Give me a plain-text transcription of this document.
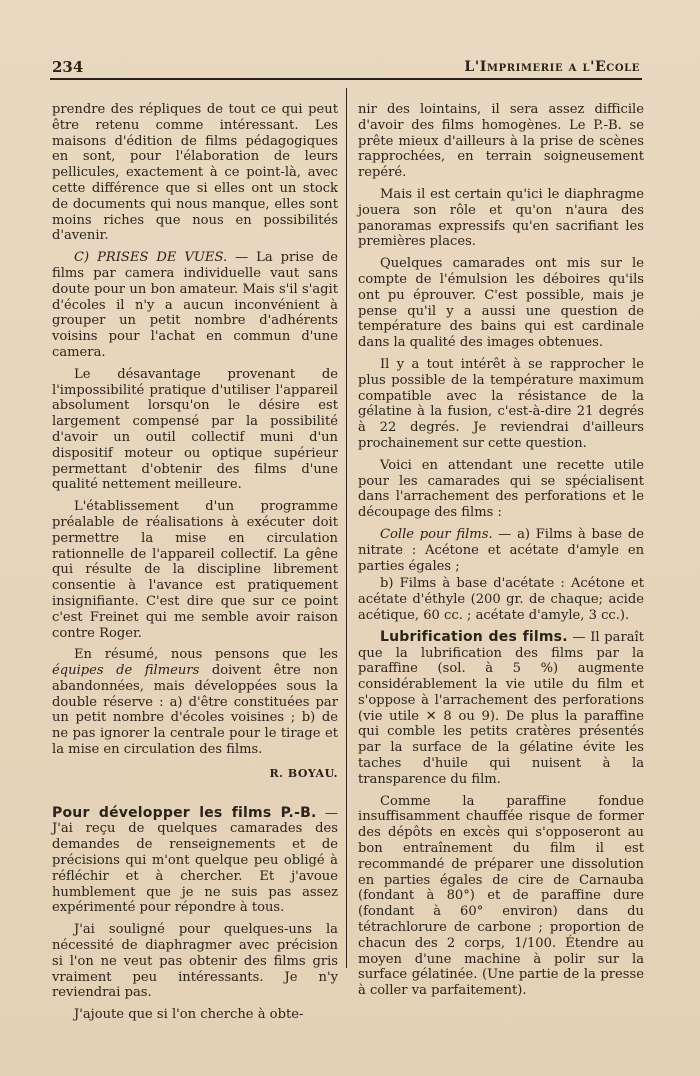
234	L'Imprimerie a l'Ecole

prendre des répliques de tout ce qui peut être retenu comme intéressant. Les maisons d'édition de films pédagogiques en sont, pour l'élaboration de leurs pellicules, exactement à ce point-là, avec cette différence que si elles ont un stock de documents qui nous manque, elles sont moins riches que nous en possibilités d'avenir.

C) PRISES DE VUES. — La prise de films par camera individuelle vaut sans doute pour un bon amateur. Mais s'il s'agit d'écoles il n'y a aucun inconvénient à grouper un petit nombre d'adhérents voisins pour l'achat en commun d'une camera.

Le désavantage provenant de l'impossibilité pratique d'utiliser l'appareil absolument lorsqu'on le désire est largement compensé par la possibilité d'avoir un outil collectif muni d'un dispositif moteur ou optique supérieur permettant d'obtenir des films d'une qualité nettement meilleure.

L'établissement d'un programme préalable de réalisations à exécuter doit permettre la mise en circulation rationnelle de l'appareil collectif. La gêne qui résulte de la discipline librement consentie à l'avance est pratiquement insignifiante. C'est dire que sur ce point c'est Freinet qui me semble avoir raison contre Roger.

En résumé, nous pensons que les équipes de filmeurs doivent être non abandonnées, mais développées sous la double réserve : a) d'être constituées par un petit nombre d'écoles voisines ; b) de ne pas ignorer la centrale pour le tirage et la mise en circulation des films.

R. BOYAU.

Pour développer les films P.-B. — J'ai reçu de quelques camarades des demandes de renseignements et de précisions qui m'ont quelque peu obligé à réfléchir et à chercher. Et j'avoue humblement que je ne suis pas assez expérimenté pour répondre à tous.

J'ai souligné pour quelques-uns la nécessité de diaphragmer avec précision si l'on ne veut pas obtenir des films gris vraiment peu intéressants. Je n'y reviendrai pas.

J'ajoute que si l'on cherche à obte-

nir des lointains, il sera assez difficile d'avoir des films homogènes. Le P.-B. se prête mieux d'ailleurs à la prise de scènes rapprochées, en terrain soigneusement repéré.

Mais il est certain qu'ici le diaphragme jouera son rôle et qu'on n'aura des panoramas expressifs qu'en sacrifiant les premières places.

Quelques camarades ont mis sur le compte de l'émulsion les déboires qu'ils ont pu éprouver. C'est possible, mais je pense qu'il y a aussi une question de température des bains qui est cardinale dans la qualité des images obtenues.

Il y a tout intérêt à se rapprocher le plus possible de la température maximum compatible avec la résistance de la gélatine à la fusion, c'est-à-dire 21 degrés à 22 degrés. Je reviendrai d'ailleurs prochainement sur cette question.

Voici en attendant une recette utile pour les camarades qui se spécialisent dans l'arrachement des perforations et le découpage des films :

Colle pour films. — a) Films à base de nitrate : Acétone et acétate d'amyle en parties égales ;

b) Films à base d'acétate : Acétone et acétate d'éthyle (200 gr. de chaque; acide acétique, 60 cc. ; acétate d'amyle, 3 cc.).

Lubrification des films. — Il paraît que la lubrification des films par la paraffine (sol. à 5 %) augmente considérablement la vie utile du film et s'oppose à l'arrachement des perforations (vie utile ✕ 8 ou 9). De plus la paraffine qui comble les petits cratères présentés par la surface de la gélatine évite les taches d'huile qui nuisent à la transparence du film.

Comme la paraffine fondue insuffisamment chauffée risque de former des dépôts en excès qui s'opposeront au bon entraînement du film il est recommandé de préparer une dissolution en parties égales de cire de Carnauba (fondant à 80°) et de paraffine dure (fondant à 60° environ) dans du tétrachlorure de carbone ; proportion de chacun des 2 corps, 1/100. Étendre au moyen d'une machine à polir sur la surface gélatinée. (Une partie de la presse à coller va parfaitement).
